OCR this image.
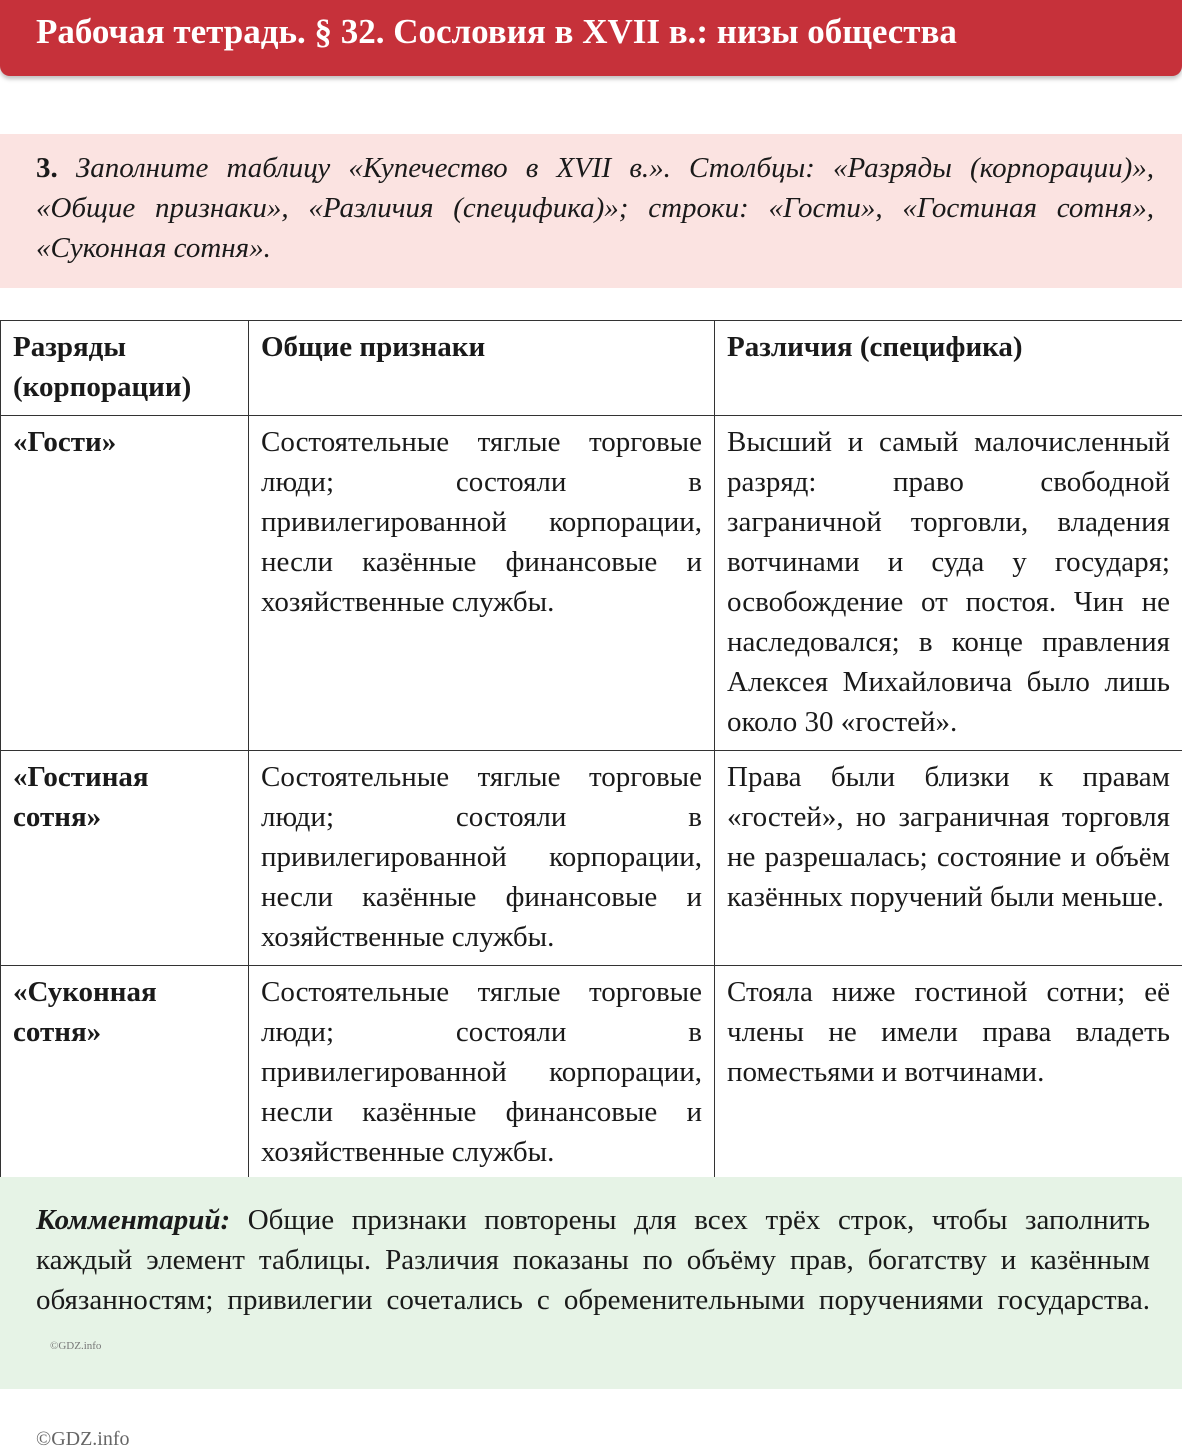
Рабочая тетрадь. § 32. Сословия в XVII в.: низы общества
3. Заполните таблицу «Купечество в XVII в.». Столбцы: «Разряды (корпорации)», «Общие признаки», «Различия (специфика)»; строки: «Гости», «Гостиная сотня», «Суконная сотня».
Разряды (корпорации)	Общие признаки	Различия (специфика)
«Гости»	Состоятельные тяглые торговые люди; состояли в привилегированной корпорации, несли казённые финансовые и хозяйственные службы.	Высший и самый малочисленный разряд: право свободной заграничной торговли, владения вотчинами и суда у государя; освобождение от постоя. Чин не наследовался; в конце правления Алексея Михайловича было лишь около 30 «гостей».
«Гостиная сотня»	Состоятельные тяглые торговые люди; состояли в привилегированной корпорации, несли казённые финансовые и хозяйственные службы.	Права были близки к правам «гостей», но заграничная торговля не разрешалась; состояние и объём казённых поручений были меньше.
«Суконная сотня»	Состоятельные тяглые торговые люди; состояли в привилегированной корпорации, несли казённые финансовые и хозяйственные службы.	Стояла ниже гостиной сотни; её члены не имели права владеть поместьями и вотчинами.
Комментарий: Общие признаки повторены для всех трёх строк, чтобы заполнить каждый элемент таблицы. Различия показаны по объёму прав, богатству и казённым обязанностям; привилегии сочетались с обременительными поручениями государства. ©GDZ.info
©GDZ.info
